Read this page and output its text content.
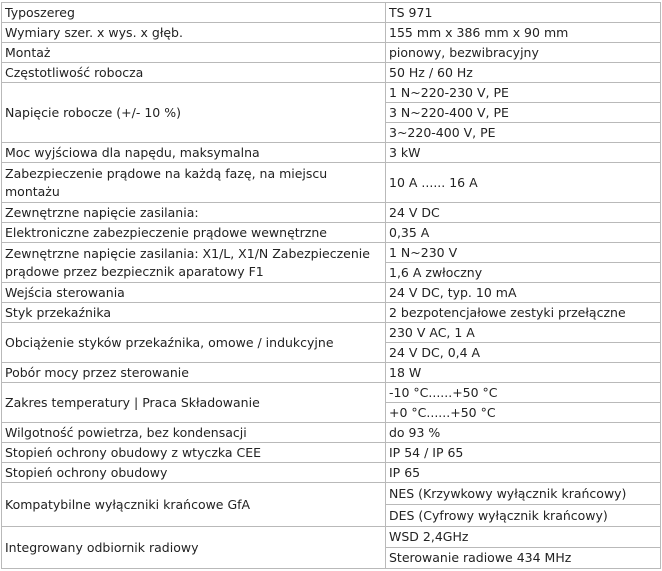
Typoszereg	TS 971
Wymiary szer. x wys. x głęb.	155 mm x 386 mm x 90 mm
Montaż	pionowy, bezwibracyjny
Częstotliwość robocza	50 Hz / 60 Hz
Napięcie robocze (+/- 10 %)	1 N~220-230 V, PE
	3 N~220-400 V, PE
	3~220-400 V, PE
Moc wyjściowa dla napędu, maksymalna	3 kW
Zabezpieczenie prądowe na każdą fazę, na miejscu montażu	10 A ...... 16 A
Zewnętrzne napięcie zasilania:	24 V DC
Elektroniczne zabezpieczenie prądowe wewnętrzne	0,35 A
Zewnętrzne napięcie zasilania: X1/L, X1/N Zabezpieczenie prądowe przez bezpiecznik aparatowy F1	1 N~230 V
	1,6 A zwłoczny
Wejścia sterowania	24 V DC, typ. 10 mA
Styk przekaźnika	2 bezpotencjałowe zestyki przełączne
Obciążenie styków przekaźnika, omowe / indukcyjne	230 V AC, 1 A
	24 V DC, 0,4 A
Pobór mocy przez sterowanie	18 W
Zakres temperatury | Praca Składowanie	-10 °C......+50 °C
	+0 °C......+50 °C
Wilgotność powietrza, bez kondensacji	do 93 %
Stopień ochrony obudowy z wtyczka CEE	IP 54 / IP 65
Stopień ochrony obudowy	IP 65
Kompatybilne wyłączniki krańcowe GfA	NES (Krzywkowy wyłącznik krańcowy)
	DES (Cyfrowy wyłącznik krańcowy)
Integrowany odbiornik radiowy	WSD 2,4GHz
	Sterowanie radiowe 434 MHz
